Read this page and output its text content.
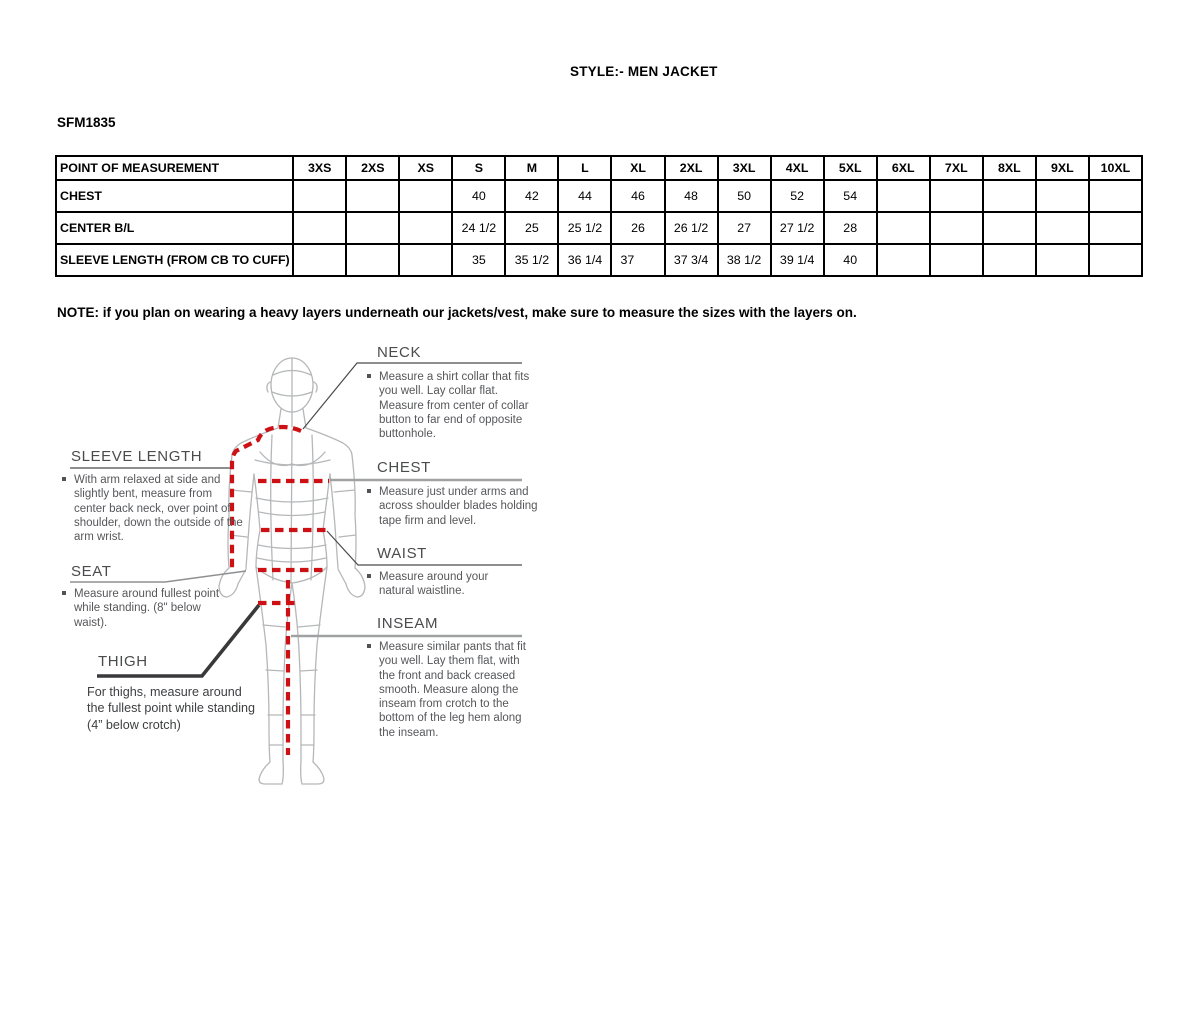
STYLE:- MEN JACKET
SFM1835
POINT OF MEASUREMENT	3XS	2XS	XS	S	M	L	XL	2XL	3XL	4XL	5XL	6XL	7XL	8XL	9XL	10XL
CHEST				40	42	44	46	48	50	52	54					
CENTER B/L				24 1/2	25	25 1/2	26	26 1/2	27	27 1/2	28					
SLEEVE LENGTH (FROM CB TO CUFF)				35	35 1/2	36 1/4	37	37 3/4	38 1/2	39 1/4	40					
NOTE: if you plan on wearing a heavy layers underneath our jackets/vest, make sure to measure the sizes with the layers on.
NECK
Measure a shirt collar that fits you well. Lay collar flat. Measure from center of collar button to far end of opposite buttonhole.
CHEST
Measure just under arms and across shoulder blades holding tape firm and level.
WAIST
Measure around your natural waistline.
INSEAM
Measure similar pants that fit you well. Lay them flat, with the front and back creased smooth. Measure along the inseam from crotch to the bottom of the leg hem along the inseam.
SLEEVE LENGTH
With arm relaxed at side and slightly bent, measure from center back neck, over point of shoulder, down the outside of the arm wrist.
SEAT
Measure around fullest point while standing. (8" below waist).
THIGH
For thighs, measure around the fullest point while standing (4” below crotch)
